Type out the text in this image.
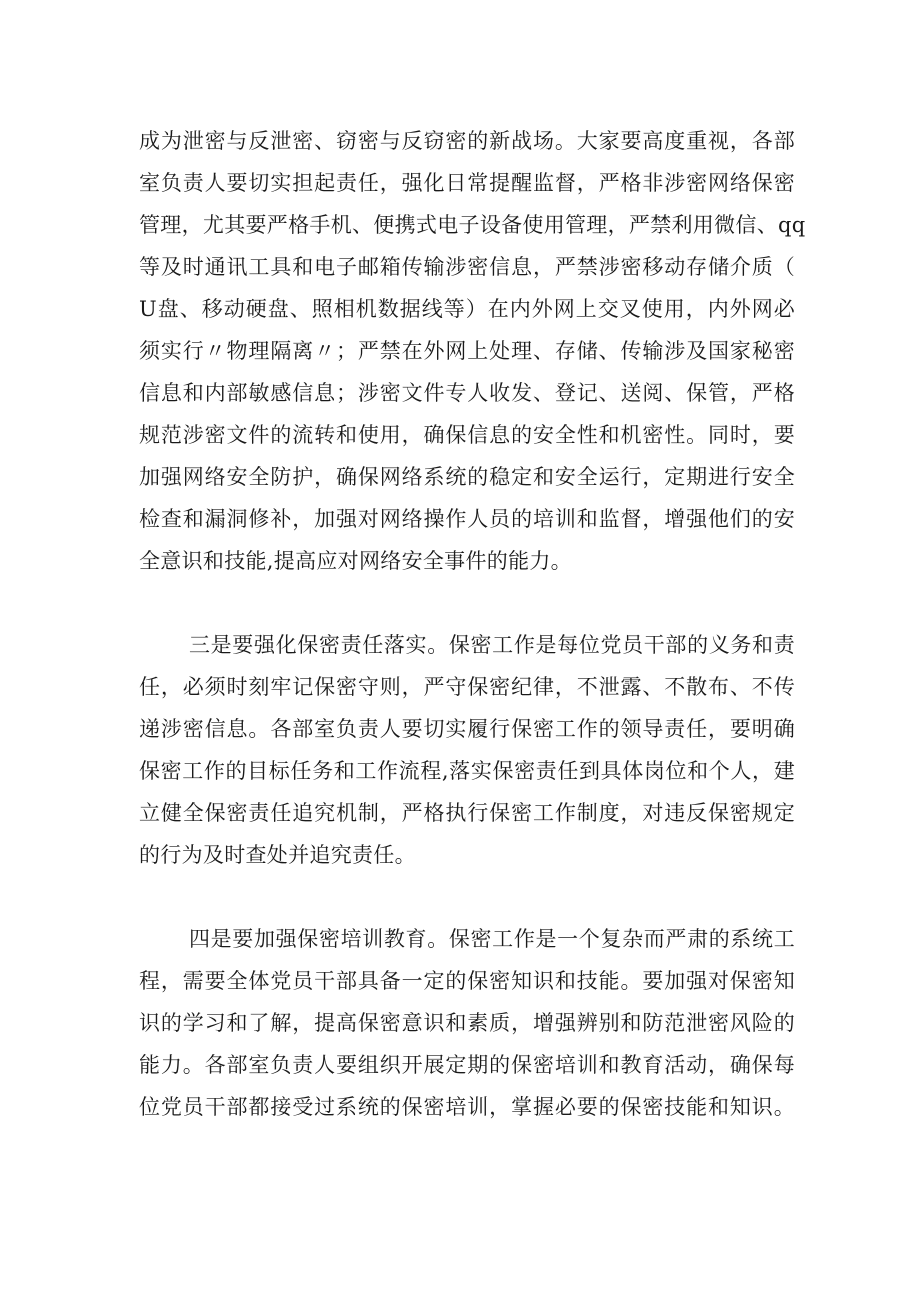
成为泄密与反泄密、窃密与反窃密的新战场。大家要高度重视，各部
室负责人要切实担起责任，强化日常提醒监督，严格非涉密网络保密
管理，尤其要严格手机、便携式电子设备使用管理，严禁利用微信、qq
等及时通讯工具和电子邮箱传输涉密信息，严禁涉密移动存储介质（
U盘、移动硬盘、照相机数据线等）在内外网上交叉使用，内外网必
须实行〃物理隔离〃；严禁在外网上处理、存储、传输涉及国家秘密
信息和内部敏感信息；涉密文件专人收发、登记、送阅、保管，严格
规范涉密文件的流转和使用，确保信息的安全性和机密性。同时，要
加强网络安全防护，确保网络系统的稳定和安全运行，定期进行安全
检查和漏洞修补，加强对网络操作人员的培训和监督，增强他们的安
全意识和技能,提高应对网络安全事件的能力。
三是要强化保密责任落实。保密工作是每位党员干部的义务和责
任，必须时刻牢记保密守则，严守保密纪律，不泄露、不散布、不传
递涉密信息。各部室负责人要切实履行保密工作的领导责任，要明确
保密工作的目标任务和工作流程,落实保密责任到具体岗位和个人，建
立健全保密责任追究机制，严格执行保密工作制度，对违反保密规定
的行为及时查处并追究责任。
四是要加强保密培训教育。保密工作是一个复杂而严肃的系统工
程，需要全体党员干部具备一定的保密知识和技能。要加强对保密知
识的学习和了解，提高保密意识和素质，增强辨别和防范泄密风险的
能力。各部室负责人要组织开展定期的保密培训和教育活动，确保每
位党员干部都接受过系统的保密培训，掌握必要的保密技能和知识。
